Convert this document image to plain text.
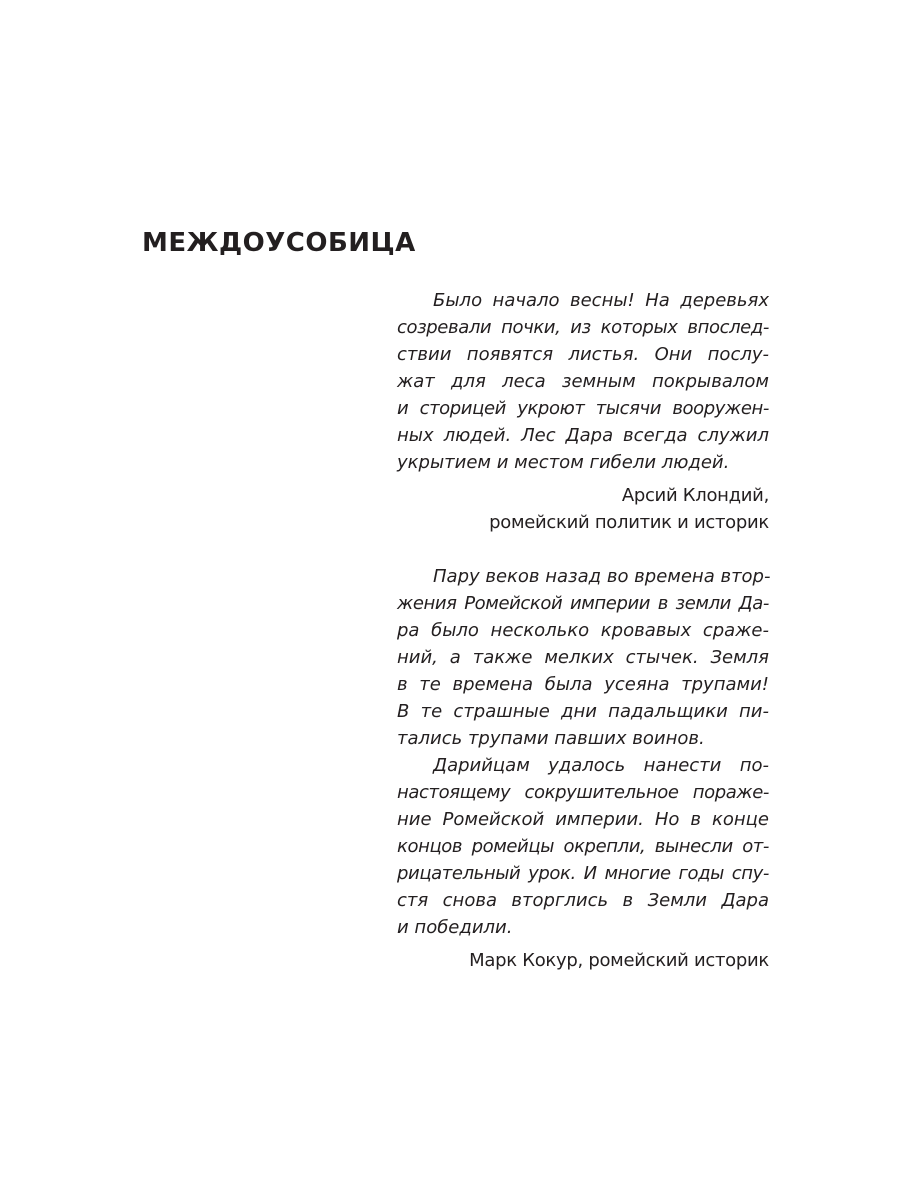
МЕЖДОУСОБИЦА
Было начало весны! На деревьях
созревали почки, из которых впослед-
ствии появятся листья. Они послу-
жат для леса земным покрывалом
и сторицей укроют тысячи вооружен-
ных людей. Лес Дара всегда служил
укрытием и местом гибели людей.
Арсий Клондий,
ромейский политик и историк
Пару веков назад во времена втор-
жения Ромейской империи в земли Да-
ра было несколько кровавых сраже-
ний, а также мелких стычек. Земля
в те времена была усеяна трупами!
В те страшные дни падальщики пи-
тались трупами павших воинов.
Дарийцам удалось нанести по-
настоящему сокрушительное пораже-
ние Ромейской империи. Но в конце
концов ромейцы окрепли, вынесли от-
рицательный урок. И многие годы спу-
стя снова вторглись в Земли Дара
и победили.
Марк Кокур, ромейский историк
